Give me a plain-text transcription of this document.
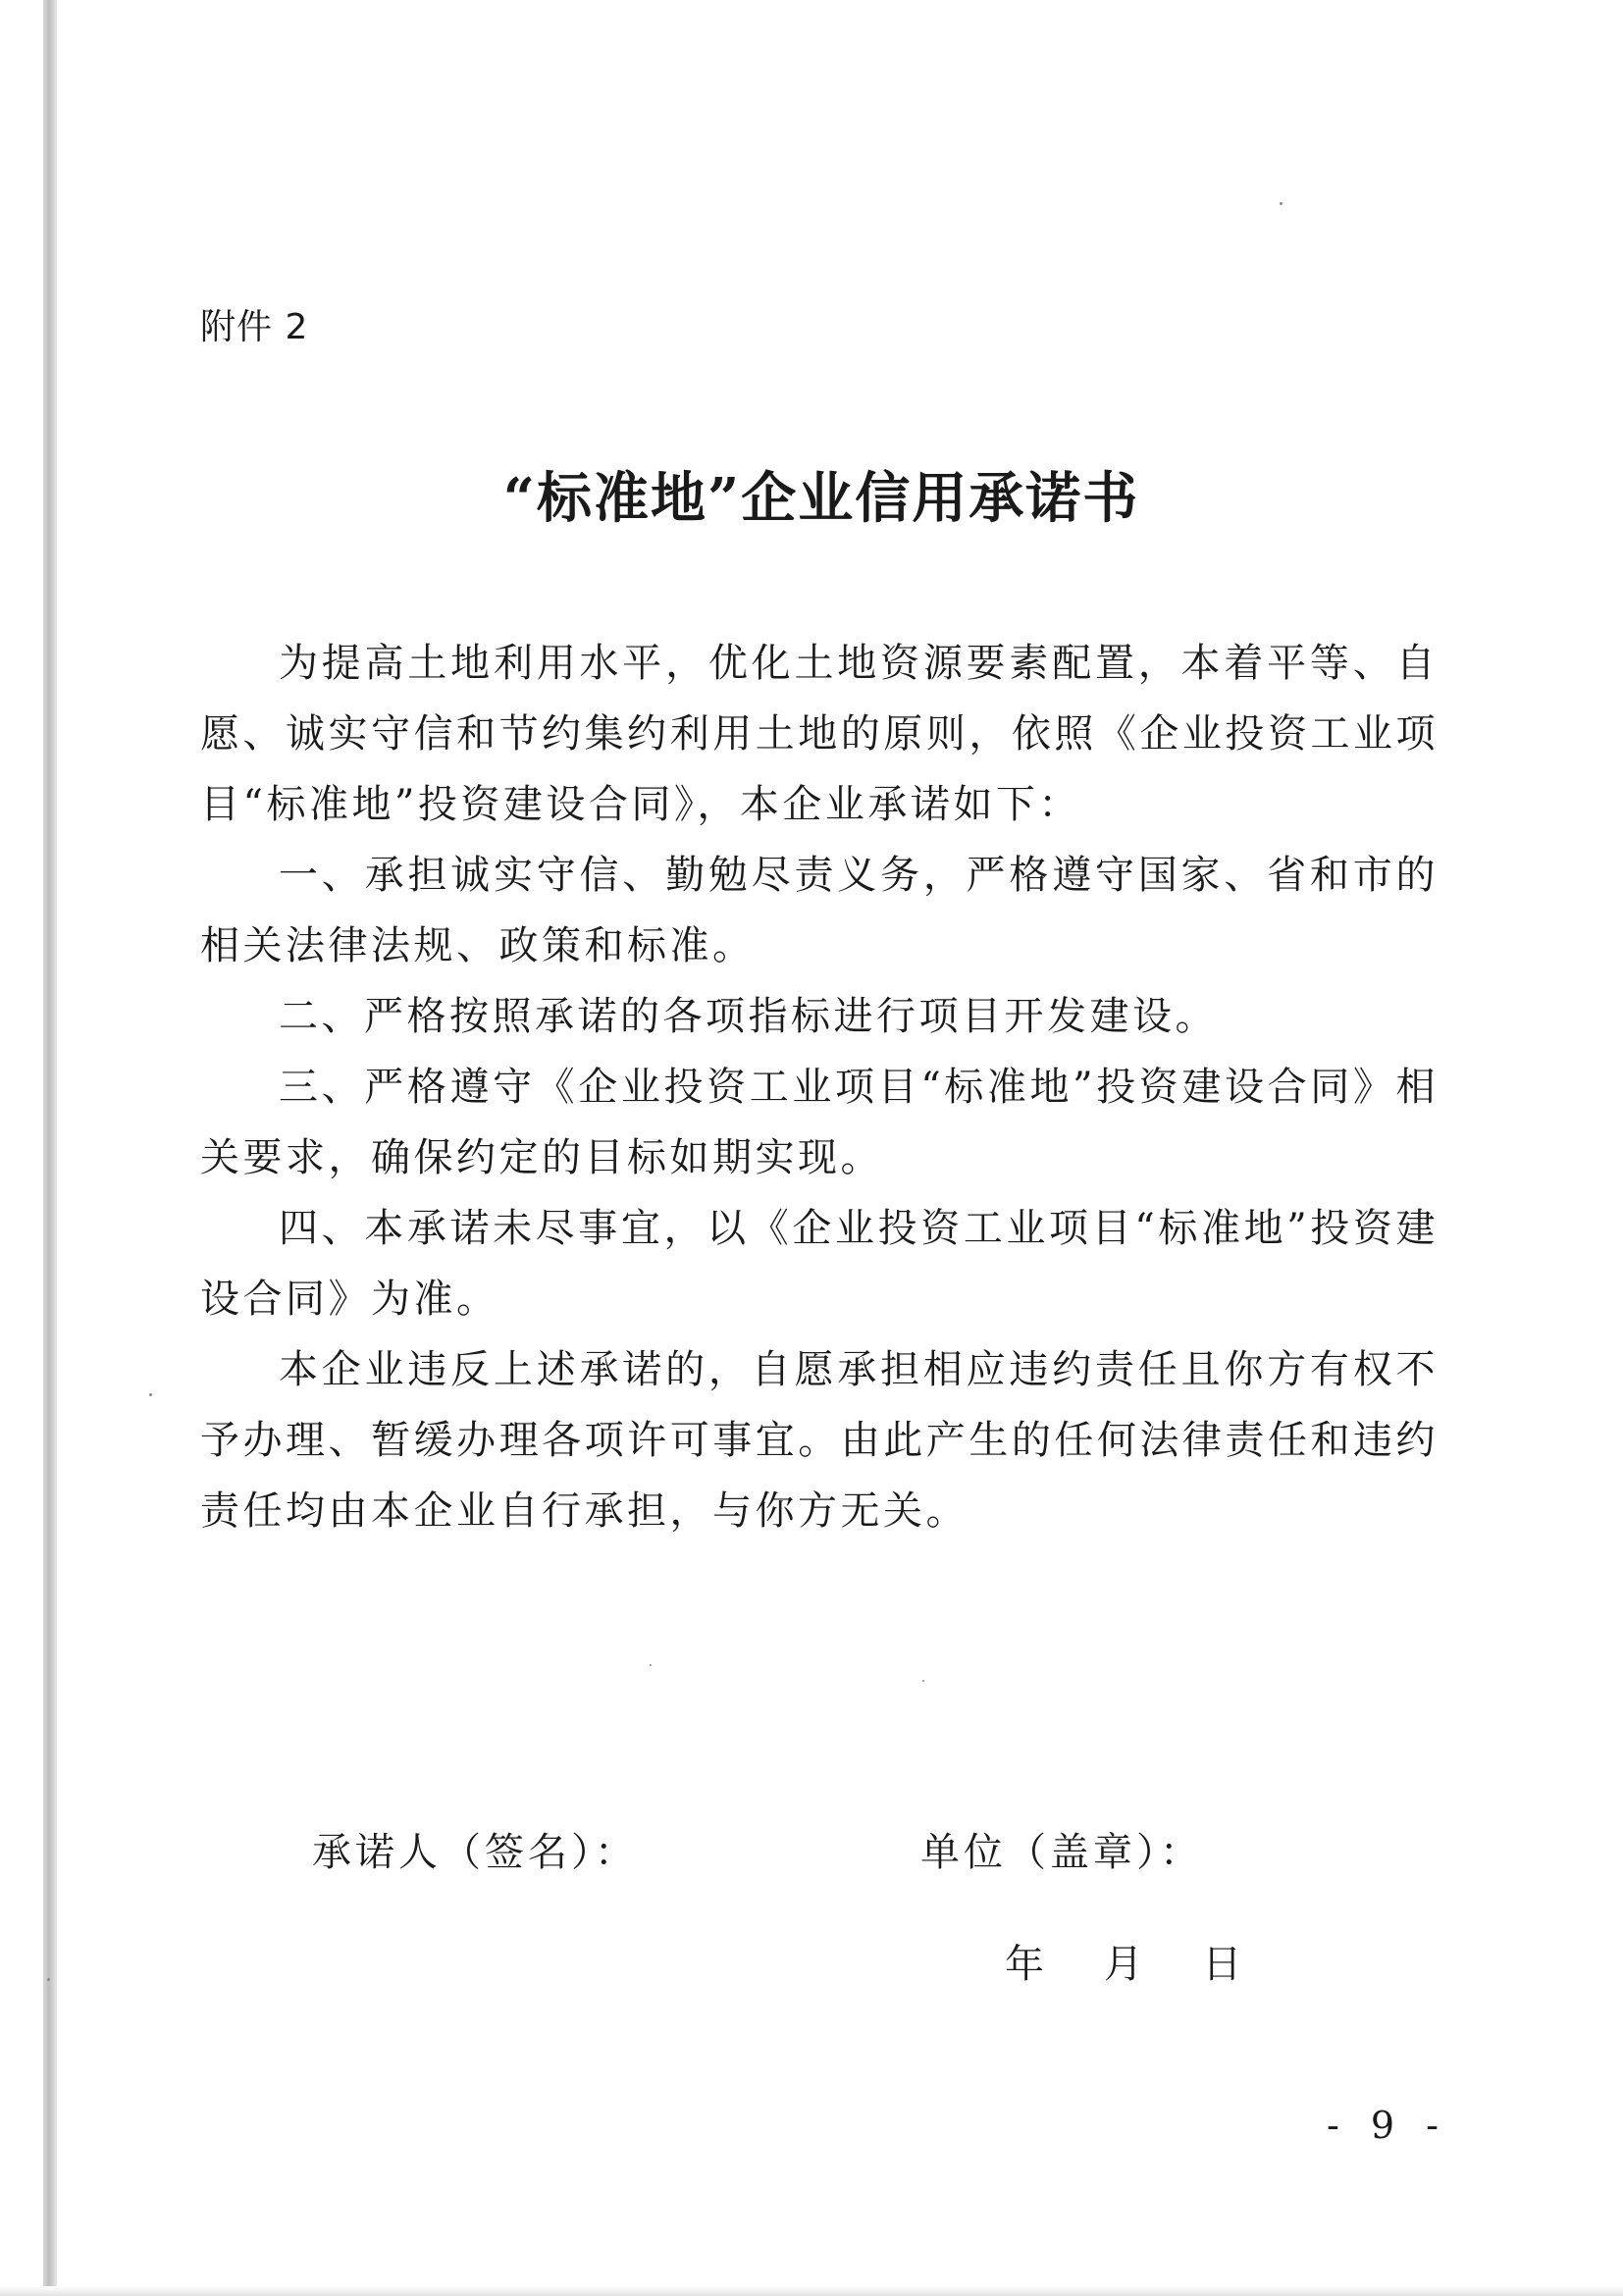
附件 2
“标准地”企业信用承诺书

为提高土地利用水平，优化土地资源要素配置，本着平等、自愿、诚实守信和节约集约利用土地的原则，依照《企业投资工业项目“标准地”投资建设合同》，本企业承诺如下：

一、承担诚实守信、勤勉尽责义务，严格遵守国家、省和市的相关法律法规、政策和标准。

二、严格按照承诺的各项指标进行项目开发建设。

三、严格遵守《企业投资工业项目“标准地”投资建设合同》相关要求，确保约定的目标如期实现。

四、本承诺未尽事宜，以《企业投资工业项目“标准地”投资建设合同》为准。

本企业违反上述承诺的，自愿承担相应违约责任且你方有权不予办理、暂缓办理各项许可事宜。由此产生的任何法律责任和违约责任均由本企业自行承担，与你方无关。

承诺人（签名）：	单位（盖章）：
年 月 日
- 9 -
